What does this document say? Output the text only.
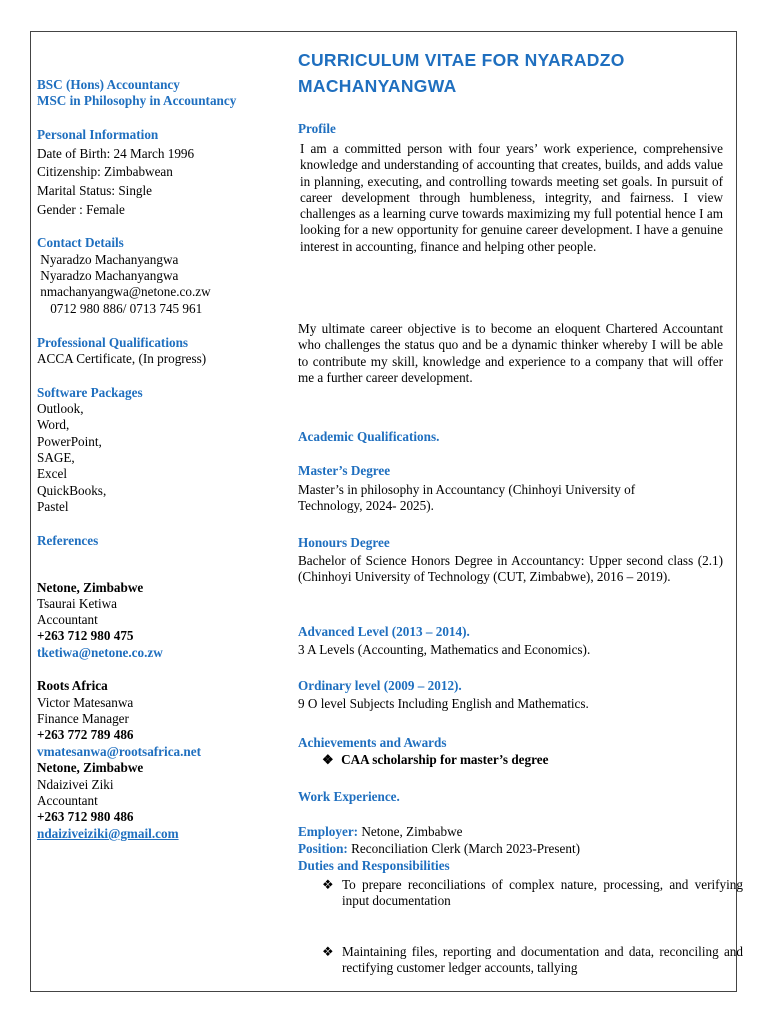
BSC (Hons) Accountancy
MSC in Philosophy in Accountancy
Personal Information
Date of Birth: 24 March 1996
Citizenship: Zimbabwean
Marital Status: Single
Gender : Female
Contact Details
Nyaradzo Machanyangwa
Nyaradzo Machanyangwa
nmachanyangwa@netone.co.zw
0712 980 886/ 0713 745 961
Professional Qualifications
ACCA Certificate, (In progress)
Software Packages
Outlook,
Word,
PowerPoint,
SAGE,
Excel
QuickBooks,
Pastel
References
Netone, Zimbabwe
Tsaurai Ketiwa
Accountant
+263 712 980 475
tketiwa@netone.co.zw
Roots Africa
Victor Matesanwa
Finance Manager
+263 772 789 486
vmatesanwa@rootsafrica.net
Netone, Zimbabwe
Ndaizivei Ziki
Accountant
+263 712 980 486
ndaiziveiziki@gmail.com
CURRICULUM VITAE FOR NYARADZO
MACHANYANGWA
Profile

I am a committed person with four years’ work experience, comprehensive knowledge and understanding of accounting that creates, builds, and adds value in planning, executing, and controlling towards meeting set goals. In pursuit of career development through humbleness, integrity, and fairness. I view challenges as a learning curve towards maximizing my full potential hence I am looking for a new opportunity for genuine career development. I have a genuine interest in accounting, finance and helping other people.

My ultimate career objective is to become an eloquent Chartered Accountant who challenges the status quo and be a dynamic thinker whereby I will be able to contribute my skill, knowledge and experience to a company that will offer me a further career development.

Academic Qualifications.
Master’s Degree
Master’s in philosophy in Accountancy (Chinhoyi University of Technology, 2024- 2025).
Honours Degree
Bachelor of Science Honors Degree in Accountancy: Upper second class (2.1) (Chinhoyi University of Technology (CUT, Zimbabwe), 2016 – 2019).
Advanced Level (2013 – 2014).
3 A Levels (Accounting, Mathematics and Economics).
Ordinary level (2009 – 2012).
9 O level Subjects Including English and Mathematics.
Achievements and Awards
❖ CAA scholarship for master’s degree
Work Experience.
Employer: Netone, Zimbabwe
Position: Reconciliation Clerk (March 2023-Present)
Duties and Responsibilities
❖ To prepare reconciliations of complex nature, processing, and verifying input documentation
❖ Maintaining files, reporting and documentation and data, reconciling and rectifying customer ledger accounts, tallying
